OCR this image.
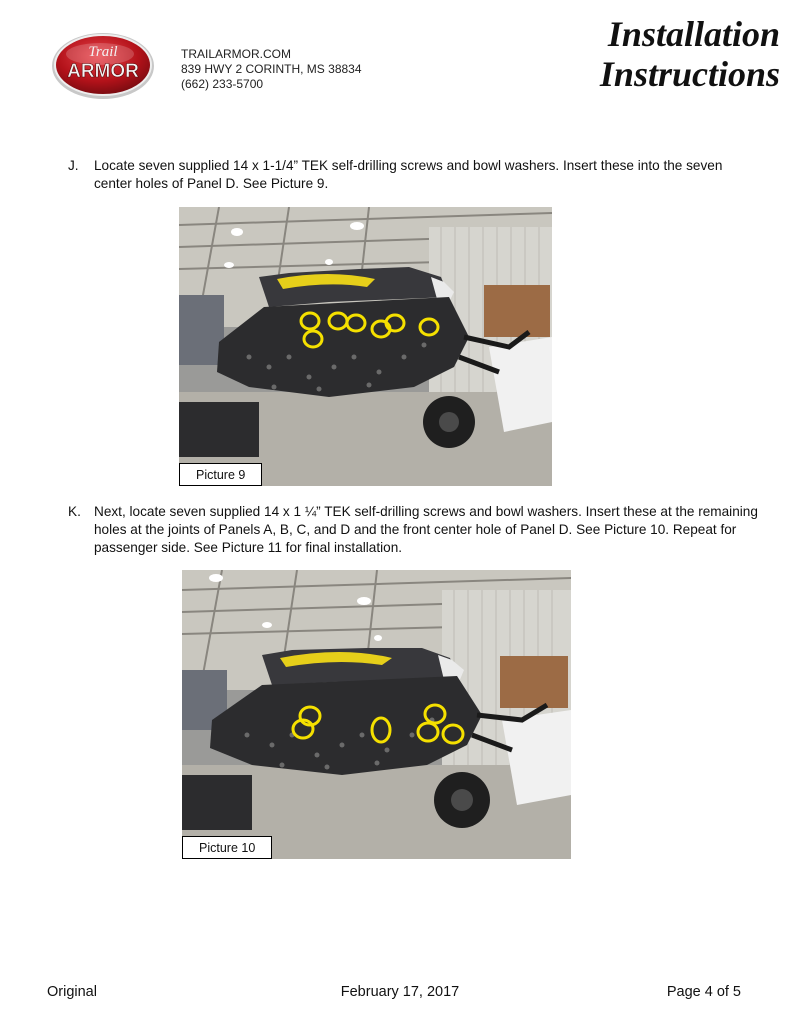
Trail
ARMOR
TRAILARMOR.COM
839 HWY 2 CORINTH, MS 38834
(662) 233-5700
Installation
Instructions
J. Locate seven supplied 14 x 1-1/4” TEK self-drilling screws and bowl washers. Insert these into the seven center holes of Panel D. See Picture 9.
Picture 9
K. Next, locate seven supplied 14 x 1 ¼” TEK self-drilling screws and bowl washers. Insert these at the remaining holes at the joints of Panels A, B, C, and D and the front center hole of Panel D. See Picture 10. Repeat for passenger side. See Picture 11 for final installation.
Picture 10
Original	February 17, 2017	Page 4 of 5
